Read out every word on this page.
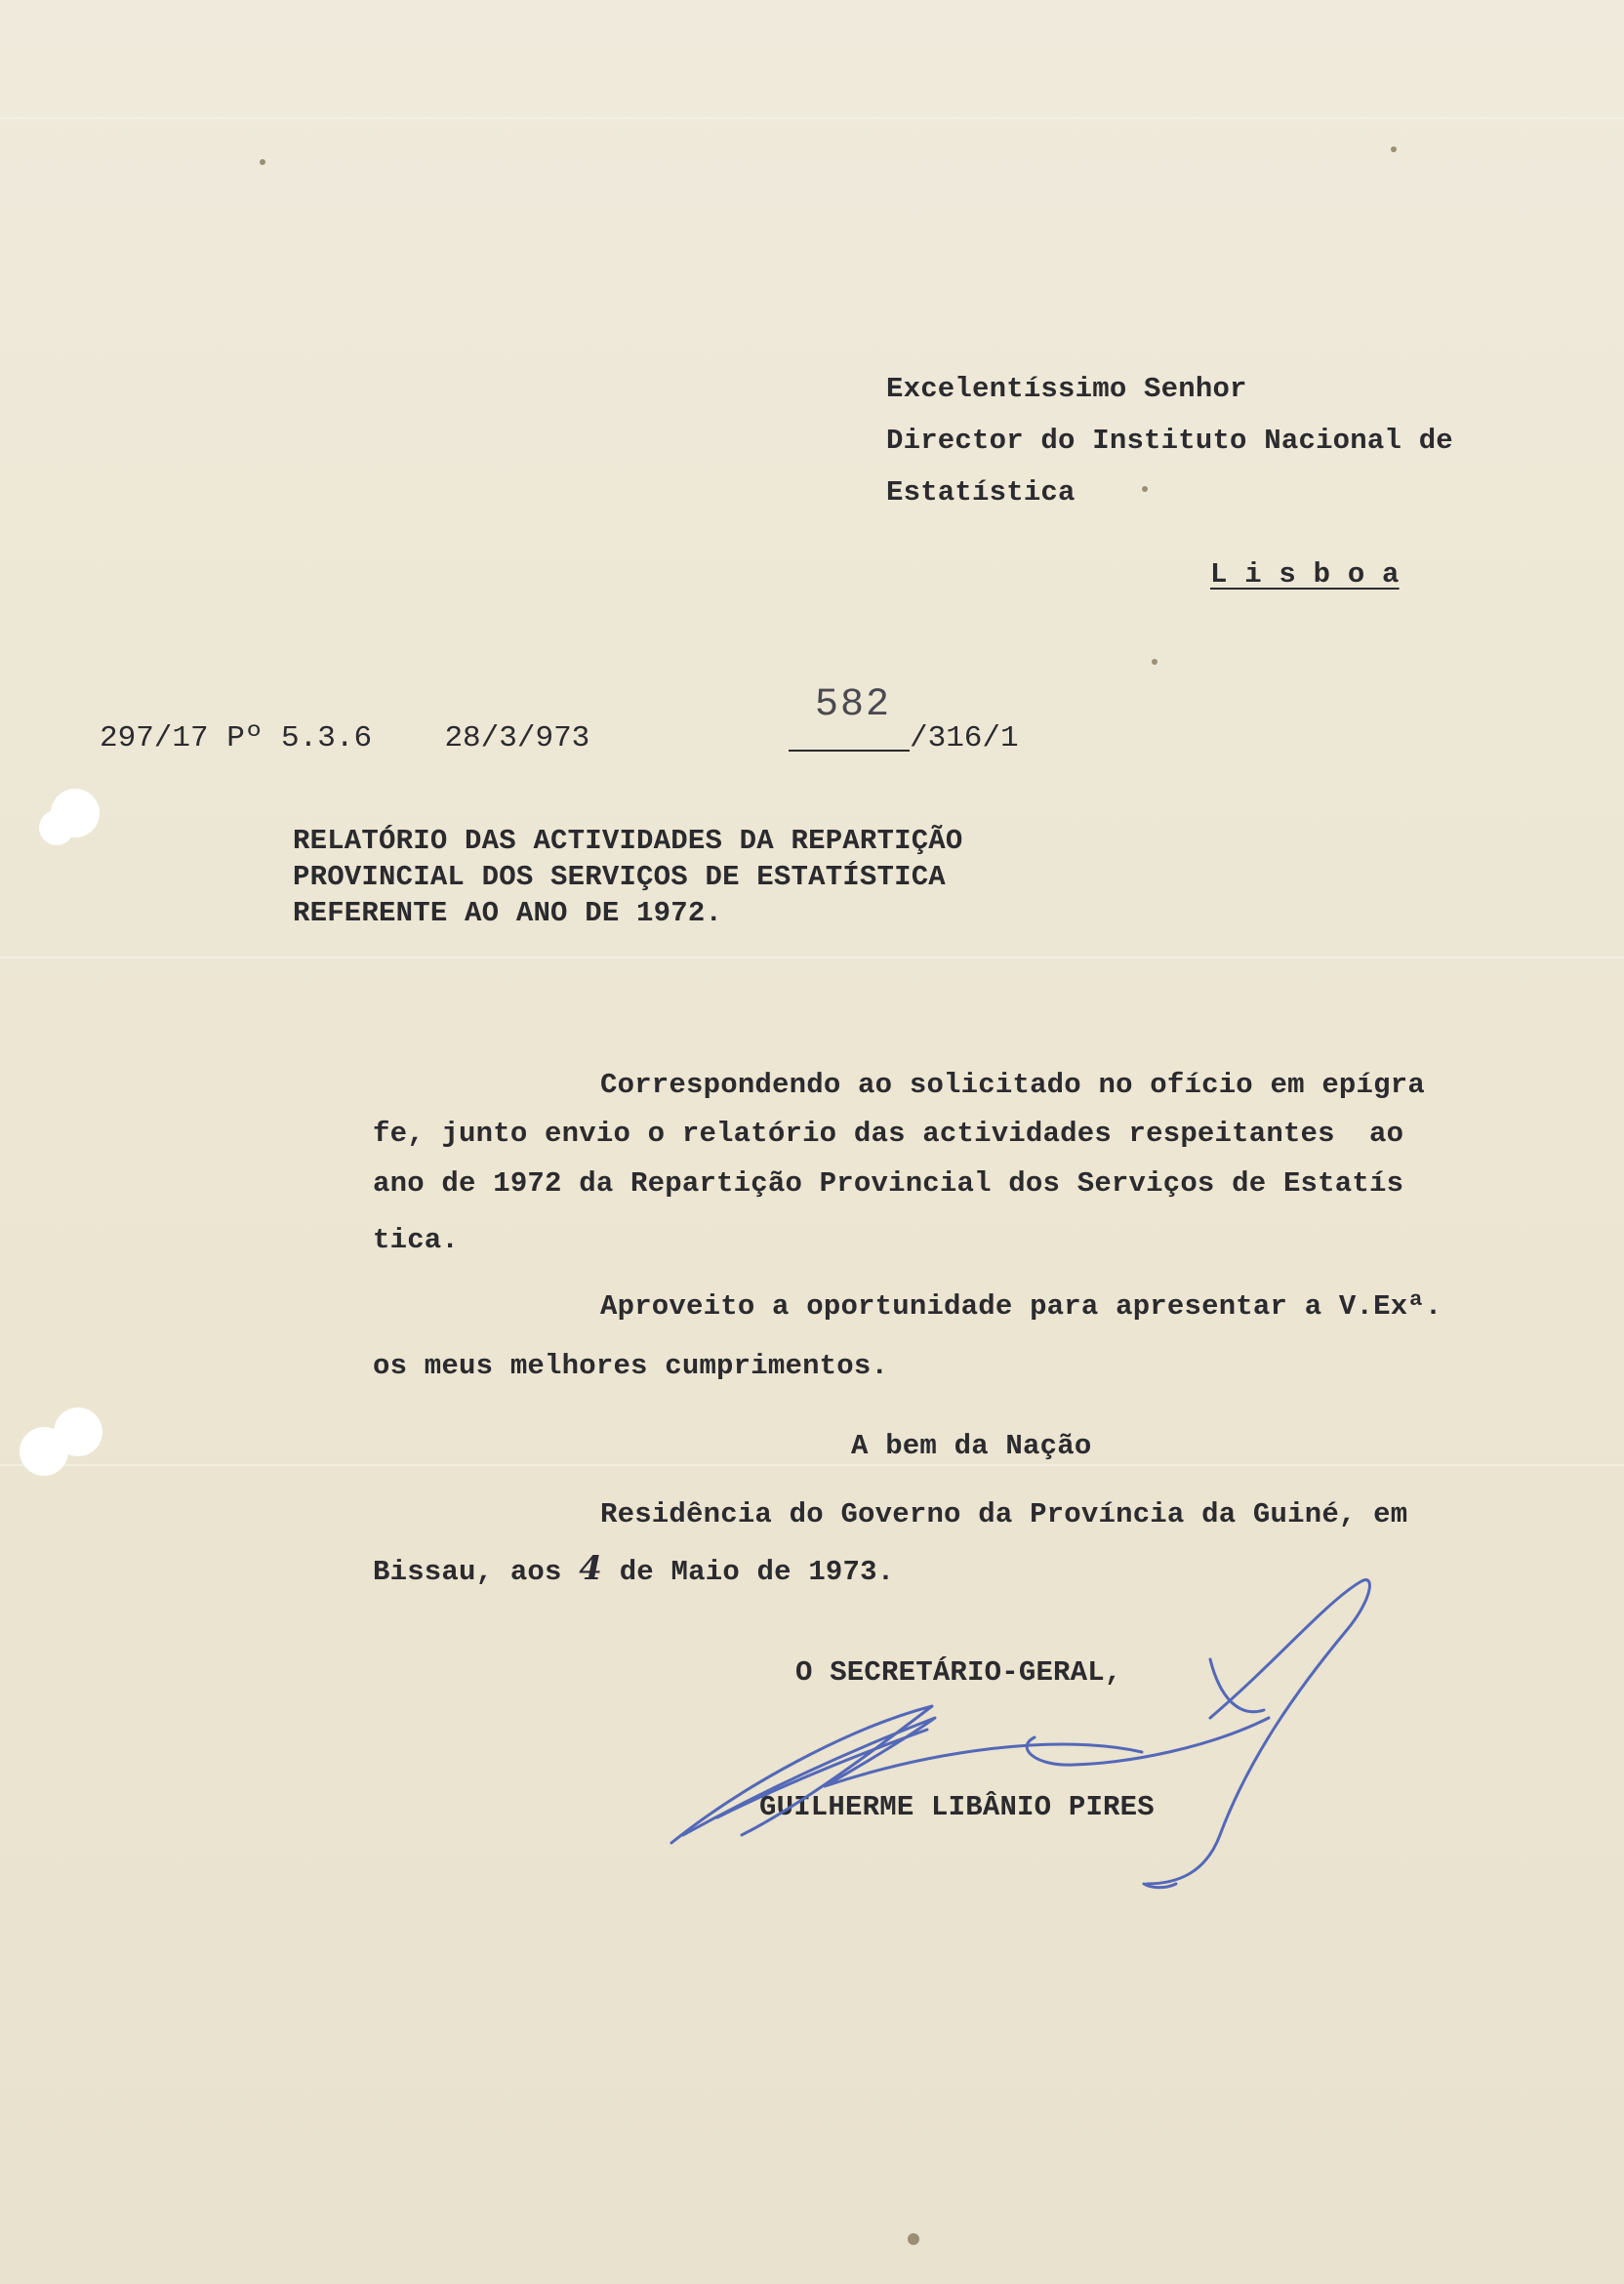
Excelentíssimo Senhor

Director do Instituto Nacional de

Estatística

L i s b o a

297/17 Pº 5.3.6    28/3/973

582

/316/1

RELATÓRIO DAS ACTIVIDADES DA REPARTIÇÃO

PROVINCIAL DOS SERVIÇOS DE ESTATÍSTICA

REFERENTE AO ANO DE 1972.

Correspondendo ao solicitado no ofício em epígra

fe, junto envio o relatório das actividades respeitantes  ao

ano de 1972 da Repartição Provincial dos Serviços de Estatís

tica.

Aproveito a oportunidade para apresentar a V.Exª.

os meus melhores cumprimentos.

A bem da Nação

Residência do Governo da Província da Guiné, em

Bissau, aos 4 de Maio de 1973.

O SECRETÁRIO-GERAL,

GUILHERME LIBÂNIO PIRES
